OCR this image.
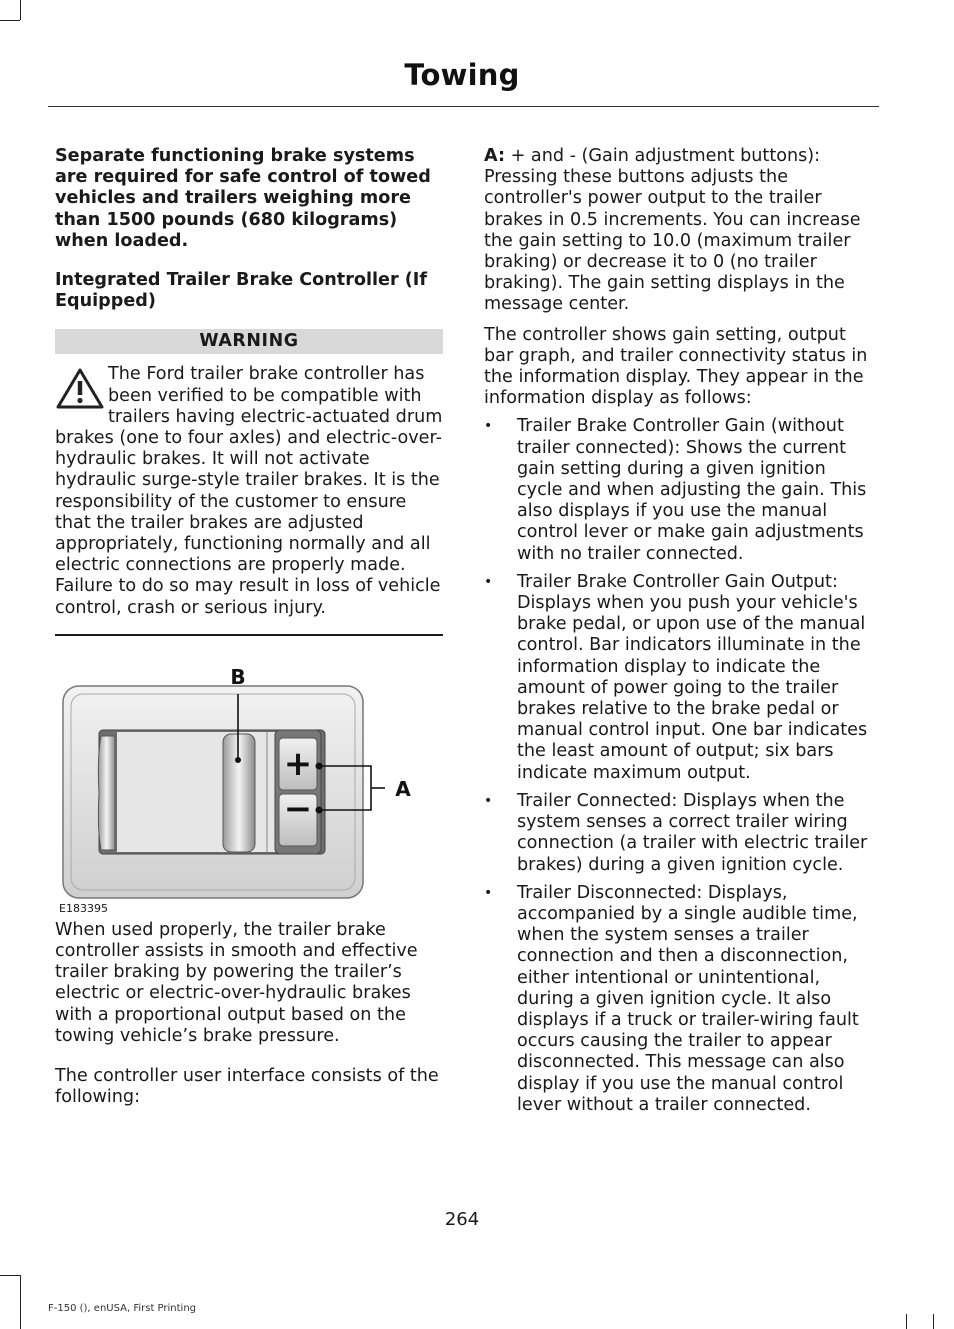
Towing

Separate functioning brake systems are required for safe control of towed vehicles and trailers weighing more than 1500 pounds (680 kilograms) when loaded.

Integrated Trailer Brake Controller (If Equipped)

WARNING

The Ford trailer brake controller has been verified to be compatible with trailers having electric-actuated drum brakes (one to four axles) and electric-over-hydraulic brakes. It will not activate hydraulic surge-style trailer brakes. It is the responsibility of the customer to ensure that the trailer brakes are adjusted appropriately, functioning normally and all electric connections are properly made. Failure to do so may result in loss of vehicle control, crash or serious injury.

+
−
B
A
E183395

When used properly, the trailer brake controller assists in smooth and effective trailer braking by powering the trailer’s electric or electric-over-hydraulic brakes with a proportional output based on the towing vehicle’s brake pressure.

The controller user interface consists of the following:

A: + and - (Gain adjustment buttons): Pressing these buttons adjusts the controller's power output to the trailer brakes in 0.5 increments. You can increase the gain setting to 10.0 (maximum trailer braking) or decrease it to 0 (no trailer braking). The gain setting displays in the message center.

The controller shows gain setting, output bar graph, and trailer connectivity status in the information display. They appear in the information display as follows:

•	Trailer Brake Controller Gain (without trailer connected): Shows the current gain setting during a given ignition cycle and when adjusting the gain. This also displays if you use the manual control lever or make gain adjustments with no trailer connected.
•	Trailer Brake Controller Gain Output: Displays when you push your vehicle's brake pedal, or upon use of the manual control. Bar indicators illuminate in the information display to indicate the amount of power going to the trailer brakes relative to the brake pedal or manual control input. One bar indicates the least amount of output; six bars indicate maximum output.
•	Trailer Connected: Displays when the system senses a correct trailer wiring connection (a trailer with electric trailer brakes) during a given ignition cycle.
•	Trailer Disconnected: Displays, accompanied by a single audible time, when the system senses a trailer connection and then a disconnection, either intentional or unintentional, during a given ignition cycle. It also displays if a truck or trailer-wiring fault occurs causing the trailer to appear disconnected. This message can also display if you use the manual control lever without a trailer connected.
264
F-150 (), enUSA, First Printing
